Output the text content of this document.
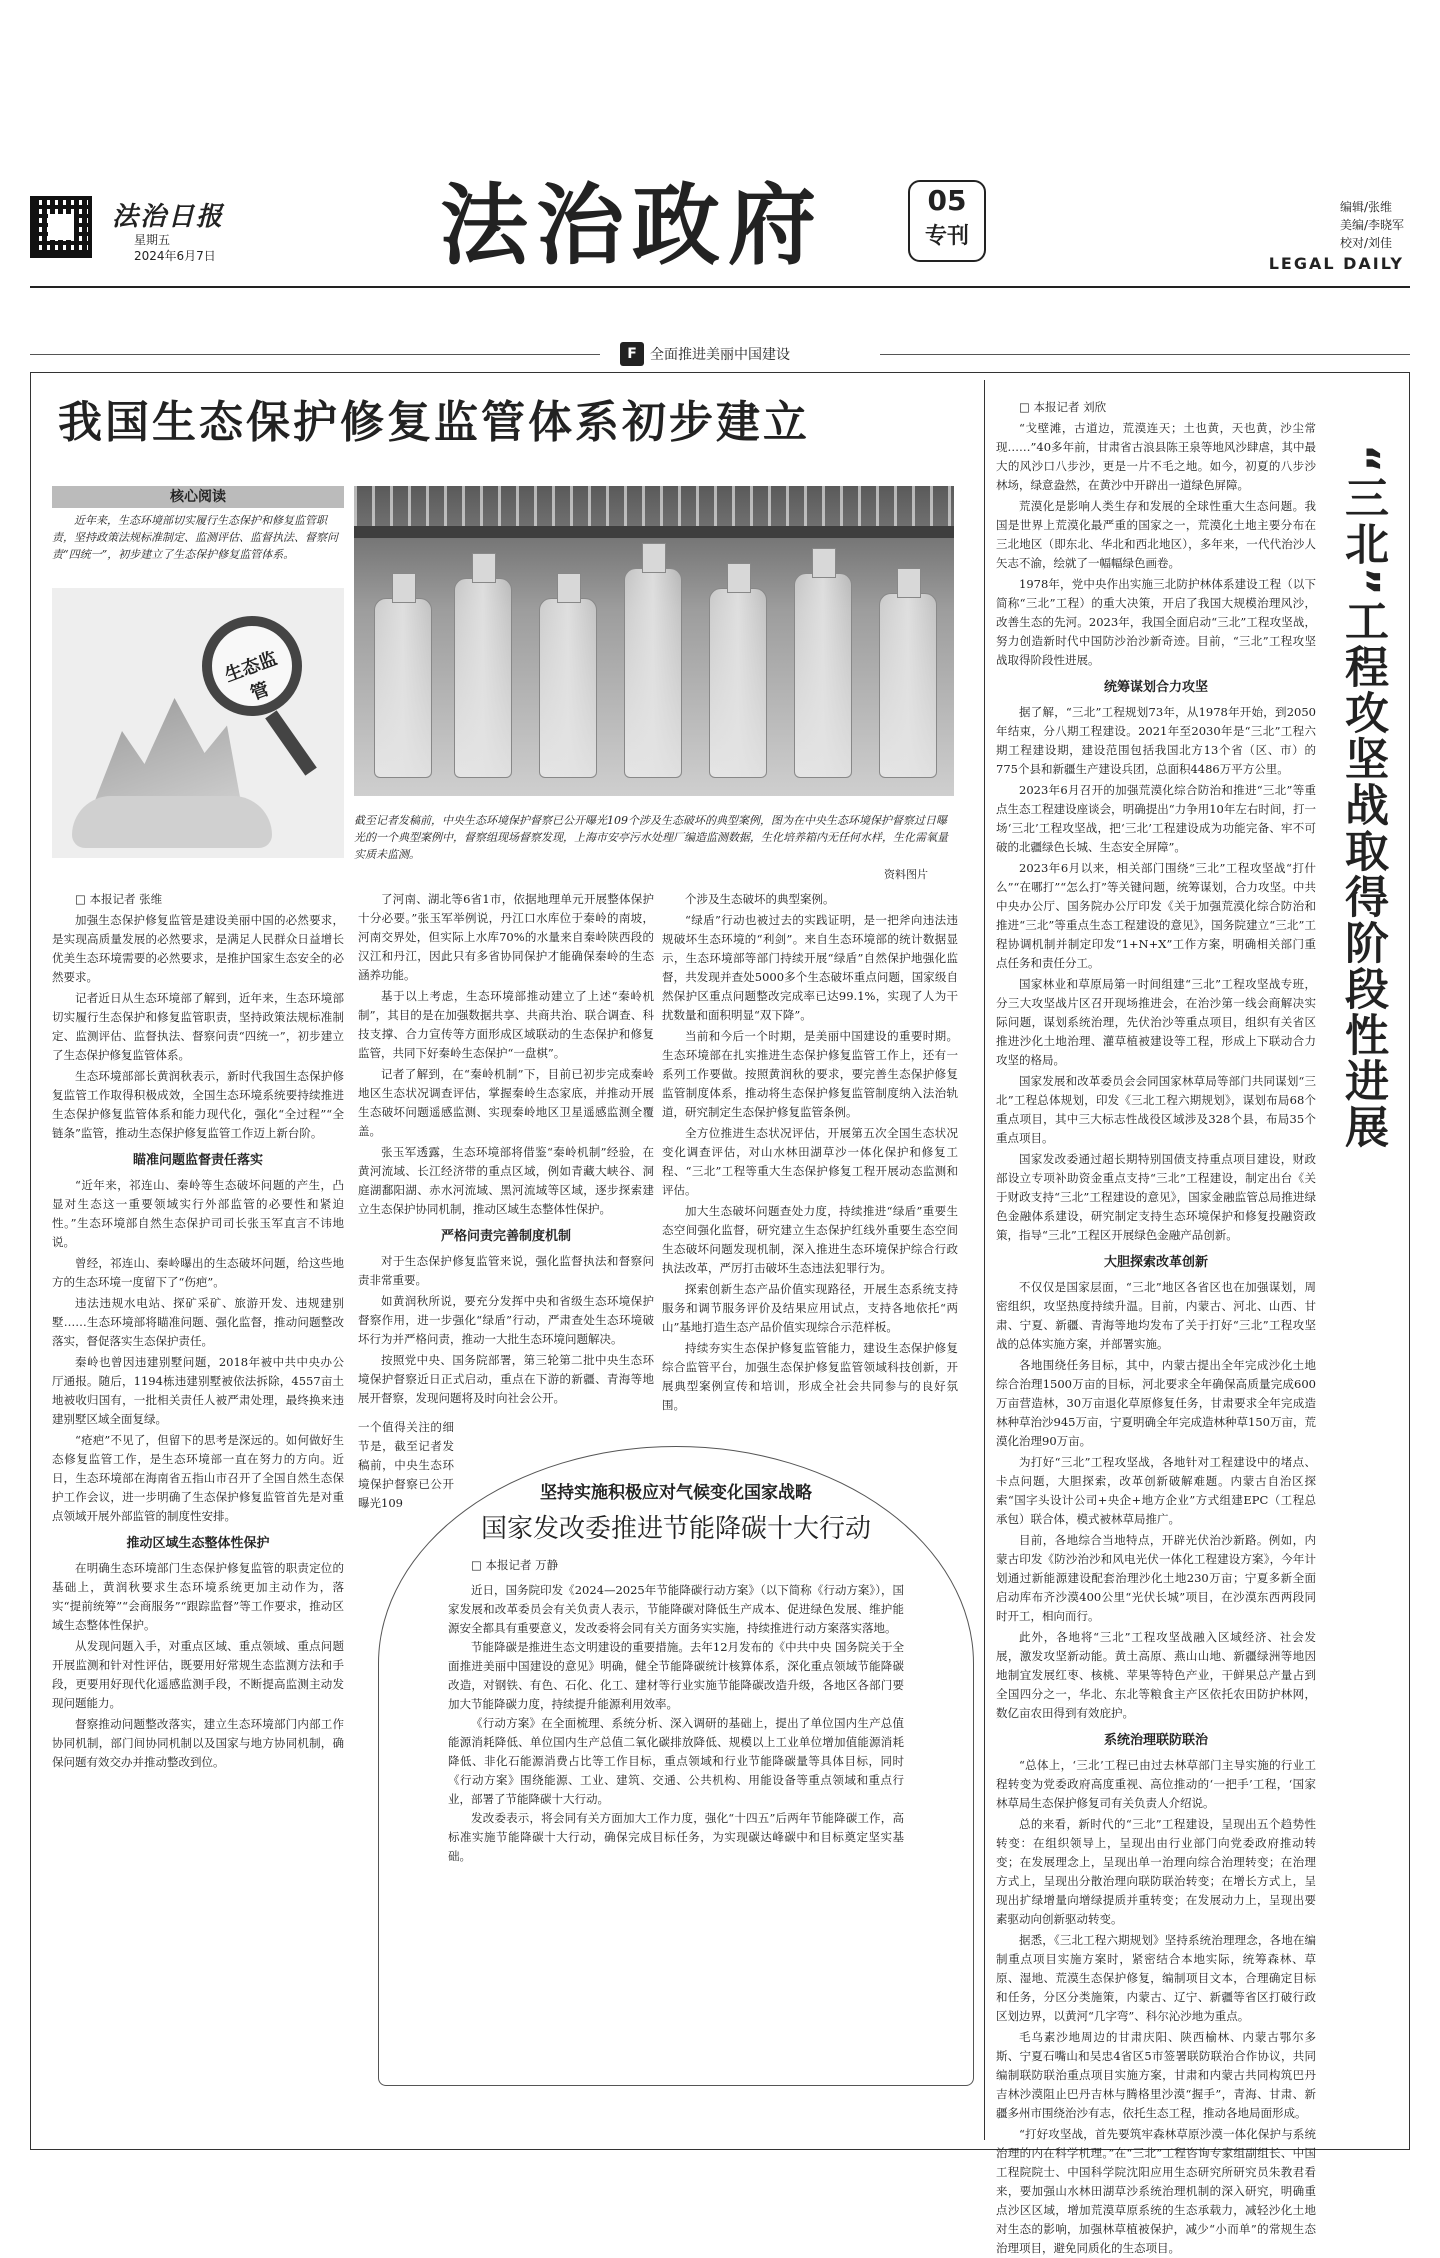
法治日报
星期五
2024年6月7日	法治政府	05
专刊
编辑/张维
美编/李晓军
校对/刘佳
LEGAL DAILY
F 全面推进美丽中国建设
我国生态保护修复监管体系初步建立
核心阅读
近年来，生态环境部切实履行生态保护和修复监管职责，坚持政策法规标准制定、监测评估、监督执法、督察问责“四统一”，初步建立了生态保护修复监管体系。
生态监管
截至记者发稿前，中央生态环境保护督察已公开曝光109个涉及生态破坏的典型案例，图为在中央生态环境保护督察过日曝光的一个典型案例中，督察组现场督察发现，上海市安亭污水处理厂编造监测数据，生化培养箱内无任何水样，生化需氧量实质未监测。
资料图片

□ 本报记者 张维

加强生态保护修复监管是建设美丽中国的必然要求，是实现高质量发展的必然要求，是满足人民群众日益增长优美生态环境需要的必然要求，是推护国家生态安全的必然要求。

记者近日从生态环境部了解到，近年来，生态环境部切实履行生态保护和修复监管职责，坚持政策法规标准制定、监测评估、监督执法、督察问责“四统一”，初步建立了生态保护修复监管体系。

生态环境部部长黄润秋表示，新时代我国生态保护修复监管工作取得积极成效，全国生态环境系统要持续推进生态保护修复监管体系和能力现代化，强化“全过程”“全链条”监管，推动生态保护修复监管工作迈上新台阶。

瞄准问题监督责任落实

“近年来，祁连山、秦岭等生态破坏问题的产生，凸显对生态这一重要领域实行外部监管的必要性和紧迫性。”生态环境部自然生态保护司司长张玉军直言不讳地说。

曾经，祁连山、秦岭曝出的生态破坏问题，给这些地方的生态环境一度留下了“伤疤”。

违法违规水电站、探矿采矿、旅游开发、违规建别墅……生态环境部将瞄准问题、强化监督，推动问题整改落实，督促落实生态保护责任。

秦岭也曾因违建别墅问题，2018年被中共中央办公厅通报。随后，1194栋违建别墅被依法拆除，4557亩土地被收归国有，一批相关责任人被严肃处理，最终换来违建别墅区域全面复绿。

“疮疤”不见了，但留下的思考是深远的。如何做好生态修复监管工作，是生态环境部一直在努力的方向。近日，生态环境部在海南省五指山市召开了全国自然生态保护工作会议，进一步明确了生态保护修复监管首先是对重点领域开展外部监管的制度性安排。

推动区域生态整体性保护

在明确生态环境部门生态保护修复监管的职责定位的基础上，黄润秋要求生态环境系统更加主动作为，落实“提前统筹”“会商服务”“跟踪监督”等工作要求，推动区域生态整体性保护。

从发现问题入手，对重点区域、重点领域、重点问题开展监测和针对性评估，既要用好常规生态监测方法和手段，更要用好现代化遥感监测手段，不断提高监测主动发现问题能力。

督察推动问题整改落实，建立生态环境部门内部工作协同机制，部门间协同机制以及国家与地方协同机制，确保问题有效交办并推动整改到位。

了河南、湖北等6省1市，依据地理单元开展整体保护十分必要。”张玉军举例说，丹江口水库位于秦岭的南坡，河南交界处，但实际上水库70%的水量来自秦岭陕西段的汉江和丹江，因此只有多省协同保护才能确保秦岭的生态涵养功能。

基于以上考虑，生态环境部推动建立了上述“秦岭机制”，其目的是在加强数据共享、共商共治、联合调查、科技支撑、合力宣传等方面形成区域联动的生态保护和修复监管，共同下好秦岭生态保护“一盘棋”。

记者了解到，在“秦岭机制”下，目前已初步完成秦岭地区生态状况调查评估，掌握秦岭生态家底，并推动开展生态破坏问题遥感监测、实现秦岭地区卫星遥感监测全覆盖。

张玉军透露，生态环境部将借鉴“秦岭机制”经验，在黄河流域、长江经济带的重点区域，例如青藏大峡谷、洞庭湖鄱阳湖、赤水河流域、黑河流域等区域，逐步探索建立生态保护协同机制，推动区域生态整体性保护。

严格问责完善制度机制

对于生态保护修复监管来说，强化监督执法和督察问责非常重要。

如黄润秋所说，要充分发挥中央和省级生态环境保护督察作用，进一步强化“绿盾”行动，严肃查处生态环境破坏行为并严格问责，推动一大批生态环境问题解决。

按照党中央、国务院部署，第三轮第二批中央生态环境保护督察近日正式启动，重点在下游的新疆、青海等地展开督察，发现问题将及时向社会公开。

一个值得关注的细节是，截至记者发稿前，中央生态环境保护督察已公开曝光109

个涉及生态破坏的典型案例。

“绿盾”行动也被过去的实践证明，是一把斧向违法违规破坏生态环境的“利剑”。来自生态环境部的统计数据显示，生态环境部等部门持续开展“绿盾”自然保护地强化监督，共发现并查处5000多个生态破坏重点问题，国家级自然保护区重点问题整改完成率已达99.1%，实现了人为干扰数量和面积明显“双下降”。

当前和今后一个时期，是美丽中国建设的重要时期。生态环境部在扎实推进生态保护修复监管工作上，还有一系列工作要做。按照黄润秋的要求，要完善生态保护修复监管制度体系，推动将生态保护修复监管制度纳入法治轨道，研究制定生态保护修复监管条例。

全方位推进生态状况评估，开展第五次全国生态状况变化调查评估，对山水林田湖草沙一体化保护和修复工程、“三北”工程等重大生态保护修复工程开展动态监测和评估。

加大生态破坏问题查处力度，持续推进“绿盾”重要生态空间强化监督，研究建立生态保护红线外重要生态空间生态破坏问题发现机制，深入推进生态环境保护综合行政执法改革，严厉打击破坏生态违法犯罪行为。

探索创新生态产品价值实现路径，开展生态系统支持服务和调节服务评价及结果应用试点，支持各地依托“两山”基地打造生态产品价值实现综合示范样板。

持续夯实生态保护修复监管能力，建设生态保护修复综合监管平台，加强生态保护修复监管领域科技创新，开展典型案例宣传和培训，形成全社会共同参与的良好氛围。

坚持实施积极应对气候变化国家战略
国家发改委推进节能降碳十大行动

□ 本报记者 万静

近日，国务院印发《2024—2025年节能降碳行动方案》（以下简称《行动方案》），国家发展和改革委员会有关负责人表示，节能降碳对降低生产成本、促进绿色发展、维护能源安全都具有重要意义，发改委将会同有关方面务实实施，持续推进行动方案落实落地。

节能降碳是推进生态文明建设的重要措施。去年12月发布的《中共中央 国务院关于全面推进美丽中国建设的意见》明确，健全节能降碳统计核算体系，深化重点领域节能降碳改造，对钢铁、有色、石化、化工、建材等行业实施节能降碳改造升级，各地区各部门要加大节能降碳力度，持续提升能源利用效率。

《行动方案》在全面梳理、系统分析、深入调研的基础上，提出了单位国内生产总值能源消耗降低、单位国内生产总值二氧化碳排放降低、规模以上工业单位增加值能源消耗降低、非化石能源消费占比等工作目标，重点领域和行业节能降碳量等具体目标，同时《行动方案》围绕能源、工业、建筑、交通、公共机构、用能设备等重点领域和重点行业，部署了节能降碳十大行动。

发改委表示，将会同有关方面加大工作力度，强化“十四五”后两年节能降碳工作，高标准实施节能降碳十大行动，确保完成目标任务，为实现碳达峰碳中和目标奠定坚实基础。

“三北”工程攻坚战取得阶段性进展

□ 本报记者 刘欣

“戈壁滩，古道边，荒漠连天；土也黄，天也黄，沙尘常现……”40多年前，甘肃省古浪县陈王泉等地风沙肆虐，其中最大的风沙口八步沙，更是一片不毛之地。如今，初夏的八步沙林场，绿意盎然，在黄沙中开辟出一道绿色屏障。

荒漠化是影响人类生存和发展的全球性重大生态问题。我国是世界上荒漠化最严重的国家之一，荒漠化土地主要分布在三北地区（即东北、华北和西北地区），多年来，一代代治沙人矢志不渝，绘就了一幅幅绿色画卷。

1978年，党中央作出实施三北防护林体系建设工程（以下简称“三北”工程）的重大决策，开启了我国大规模治理风沙，改善生态的先河。2023年，我国全面启动“三北”工程攻坚战，努力创造新时代中国防沙治沙新奇迹。目前，“三北”工程攻坚战取得阶段性进展。

统筹谋划合力攻坚

据了解，“三北”工程规划73年，从1978年开始，到2050年结束，分八期工程建设。2021年至2030年是“三北”工程六期工程建设期，建设范围包括我国北方13个省（区、市）的775个县和新疆生产建设兵团，总面积4486万平方公里。

2023年6月召开的加强荒漠化综合防治和推进“三北”等重点生态工程建设座谈会，明确提出“力争用10年左右时间，打一场‘三北’工程攻坚战，把‘三北’工程建设成为功能完备、牢不可破的北疆绿色长城、生态安全屏障”。

2023年6月以来，相关部门围绕“三北”工程攻坚战“打什么”“在哪打”“怎么打”等关键问题，统筹谋划，合力攻坚。中共中央办公厅、国务院办公厅印发《关于加强荒漠化综合防治和推进“三北”等重点生态工程建设的意见》，国务院建立“三北”工程协调机制并制定印发“1+N+X”工作方案，明确相关部门重点任务和责任分工。

国家林业和草原局第一时间组建“三北”工程攻坚战专班，分三大攻坚战片区召开现场推进会，在治沙第一线会商解决实际问题，谋划系统治理，先伏治沙等重点项目，组织有关省区推进沙化土地治理、灌草植被建设等工程，形成上下联动合力攻坚的格局。

国家发展和改革委员会会同国家林草局等部门共同谋划“三北”工程总体规划，印发《三北工程六期规划》，谋划布局68个重点项目，其中三大标志性战役区域涉及328个县，布局35个重点项目。

国家发改委通过超长期特别国债支持重点项目建设，财政部设立专项补助资金重点支持“三北”工程建设，制定出台《关于财政支持“三北”工程建设的意见》，国家金融监管总局推进绿色金融体系建设，研究制定支持生态环境保护和修复投融资政策，指导“三北”工程区开展绿色金融产品创新。

大胆探索改革创新

不仅仅是国家层面，“三北”地区各省区也在加强谋划，周密组织，攻坚热度持续升温。目前，内蒙古、河北、山西、甘肃、宁夏、新疆、青海等地均发布了关于打好“三北”工程攻坚战的总体实施方案，并部署实施。

各地围绕任务目标，其中，内蒙古提出全年完成沙化土地综合治理1500万亩的目标，河北要求全年确保高质量完成600万亩营造林，30万亩退化草原修复任务，甘肃要求全年完成造林种草治沙945万亩，宁夏明确全年完成造林种草150万亩，荒漠化治理90万亩。

为打好“三北”工程攻坚战，各地针对工程建设中的堵点、卡点问题，大胆探索，改革创新破解难题。内蒙古自治区探索“国字头设计公司+央企+地方企业”方式组建EPC（工程总承包）联合体，模式被林草局推广。

目前，各地综合当地特点，开辟光伏治沙新路。例如，内蒙古印发《防沙治沙和风电光伏一体化工程建设方案》，今年计划通过新能源建设配套治理沙化土地230万亩；宁夏多新全面启动库布齐沙漠400公里“光伏长城”项目，在沙漠东西两段同时开工，相向而行。

此外，各地将“三北”工程攻坚战融入区域经济、社会发展，激发攻坚新动能。黄土高原、燕山山地、新疆绿洲等地因地制宜发展红枣、核桃、苹果等特色产业，干鲜果总产量占到全国四分之一，华北、东北等粮食主产区依托农田防护林网，数亿亩农田得到有效庇护。

系统治理联防联治

“总体上，‘三北’工程已由过去林草部门主导实施的行业工程转变为党委政府高度重视、高位推动的‘一把手’工程，‘国家林草局生态保护修复司有关负责人介绍说。

总的来看，新时代的“三北”工程建设，呈现出五个趋势性转变：在组织领导上，呈现出由行业部门向党委政府推动转变；在发展理念上，呈现出单一治理向综合治理转变；在治理方式上，呈现出分散治理向联防联治转变；在增长方式上，呈现出扩绿增量向增绿提质并重转变；在发展动力上，呈现出要素驱动向创新驱动转变。

据悉，《三北工程六期规划》坚持系统治理理念，各地在编制重点项目实施方案时，紧密结合本地实际，统筹森林、草原、湿地、荒漠生态保护修复，编制项目文本，合理确定目标和任务，分区分类施策，内蒙古、辽宁、新疆等省区打破行政区划边界，以黄河“几字弯”、科尔沁沙地为重点。

毛乌素沙地周边的甘肃庆阳、陕西榆林、内蒙古鄂尔多斯、宁夏石嘴山和吴忠4省区5市签署联防联治合作协议，共同编制联防联治重点项目实施方案，甘肃和内蒙古共同构筑巴丹吉林沙漠阻止巴丹吉林与腾格里沙漠“握手”，青海、甘肃、新疆多州市围绕治沙有志，依托生态工程，推动各地局面形成。

“打好攻坚战，首先要筑牢森林草原沙漠一体化保护与系统治理的内在科学机理。”在“三北”工程咨询专家组副组长、中国工程院院士、中国科学院沈阳应用生态研究所研究员朱教君看来，要加强山水林田湖草沙系统治理机制的深入研究，明确重点沙区区域，增加荒漠草原系统的生态承载力，减轻沙化土地对生态的影响，加强林草植被保护，减少“小而单”的常规生态治理项目，避免同质化的生态项目。
